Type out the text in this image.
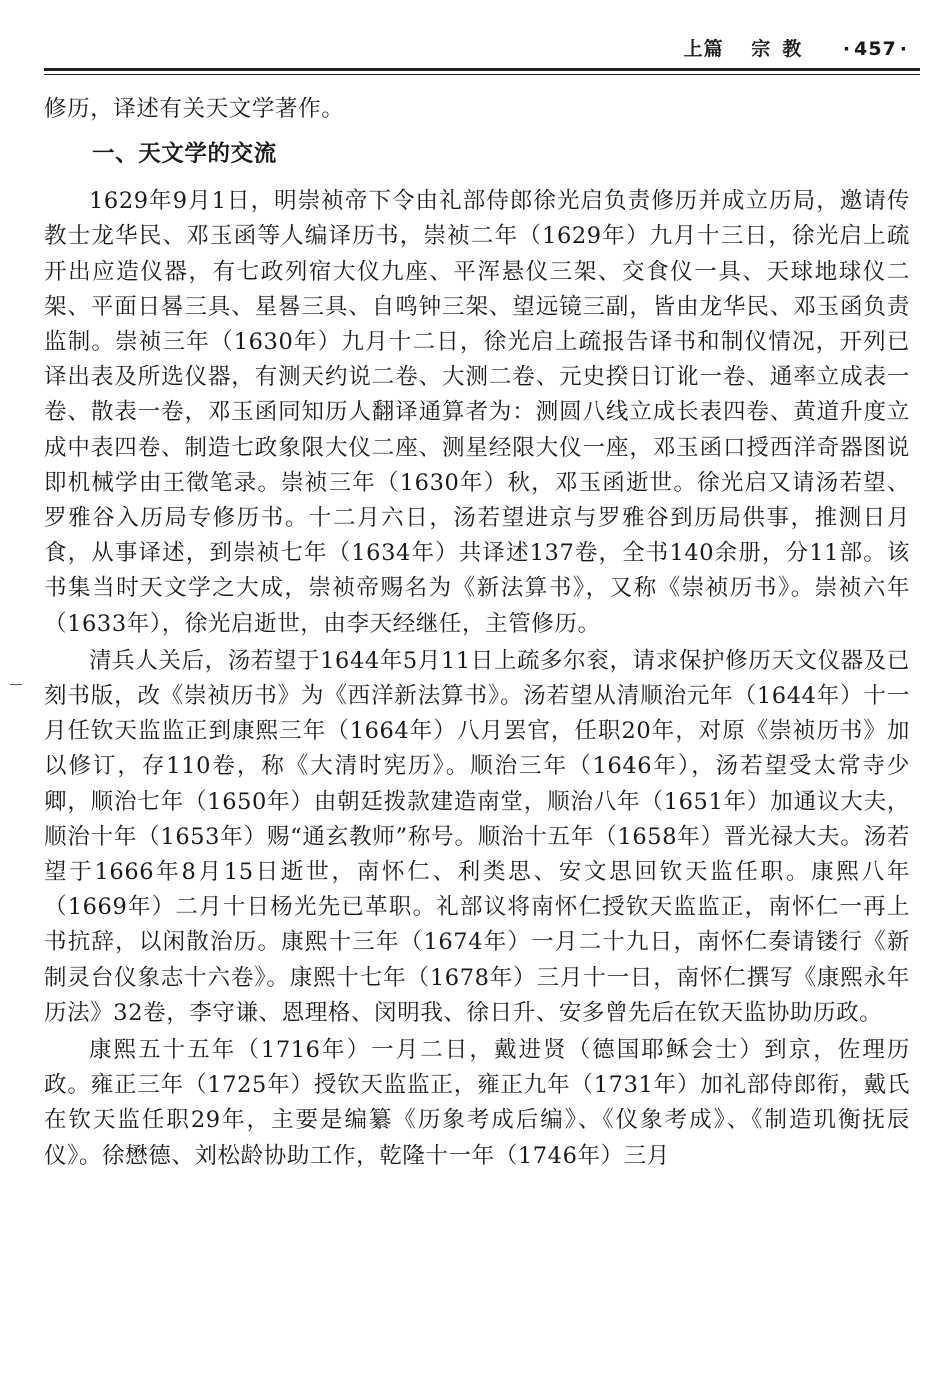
上篇 宗教 · 457 ·

修历，译述有关天文学著作。

一、天文学的交流

1629年9月1日，明崇祯帝下令由礼部侍郎徐光启负责修历并成立历局，邀请传教士龙华民、邓玉函等人编译历书，崇祯二年（1629年）九月十三日，徐光启上疏开出应造仪器，有七政列宿大仪九座、平浑悬仪三架、交食仪一具、天球地球仪二架、平面日晷三具、星晷三具、自鸣钟三架、望远镜三副，皆由龙华民、邓玉函负责监制。崇祯三年（1630年）九月十二日，徐光启上疏报告译书和制仪情况，开列已译出表及所选仪器，有测天约说二卷、大测二卷、元史揆日订讹一卷、通率立成表一卷、散表一卷，邓玉函同知历人翻译通算者为：测圆八线立成长表四卷、黄道升度立成中表四卷、制造七政象限大仪二座、测星经限大仪一座，邓玉函口授西洋奇器图说即机械学由王徵笔录。崇祯三年（1630年）秋，邓玉函逝世。徐光启又请汤若望、罗雅谷入历局专修历书。十二月六日，汤若望进京与罗雅谷到历局供事，推测日月食，从事译述，到崇祯七年（1634年）共译述137卷，全书140余册，分11部。该书集当时天文学之大成，崇祯帝赐名为《新法算书》，又称《崇祯历书》。崇祯六年（1633年），徐光启逝世，由李天经继任，主管修历。

清兵人关后，汤若望于1644年5月11日上疏多尔衮，请求保护修历天文仪器及已刻书版，改《崇祯历书》为《西洋新法算书》。汤若望从清顺治元年（1644年）十一月任钦天监监正到康熙三年（1664年）八月罢官，任职20年，对原《崇祯历书》加以修订，存110卷，称《大清时宪历》。顺治三年（1646年），汤若望受太常寺少卿，顺治七年（1650年）由朝廷拨款建造南堂，顺治八年（1651年）加通议大夫，顺治十年（1653年）赐“通玄教师”称号。顺治十五年（1658年）晋光禄大夫。汤若望于1666年8月15日逝世，南怀仁、利类思、安文思回钦天监任职。康熙八年（1669年）二月十日杨光先已革职。礼部议将南怀仁授钦天监监正，南怀仁一再上书抗辞，以闲散治历。康熙十三年（1674年）一月二十九日，南怀仁奏请镂行《新制灵台仪象志十六卷》。康熙十七年（1678年）三月十一日，南怀仁撰写《康熙永年历法》32卷，李守谦、恩理格、闵明我、徐日升、安多曾先后在钦天监协助历政。

康熙五十五年（1716年）一月二日，戴进贤（德国耶稣会士）到京，佐理历政。雍正三年（1725年）授钦天监监正，雍正九年（1731年）加礼部侍郎衔，戴氏在钦天监任职29年，主要是编纂《历象考成后编》、《仪象考成》、《制造玑衡抚辰仪》。徐懋德、刘松龄协助工作，乾隆十一年（1746年）三月
